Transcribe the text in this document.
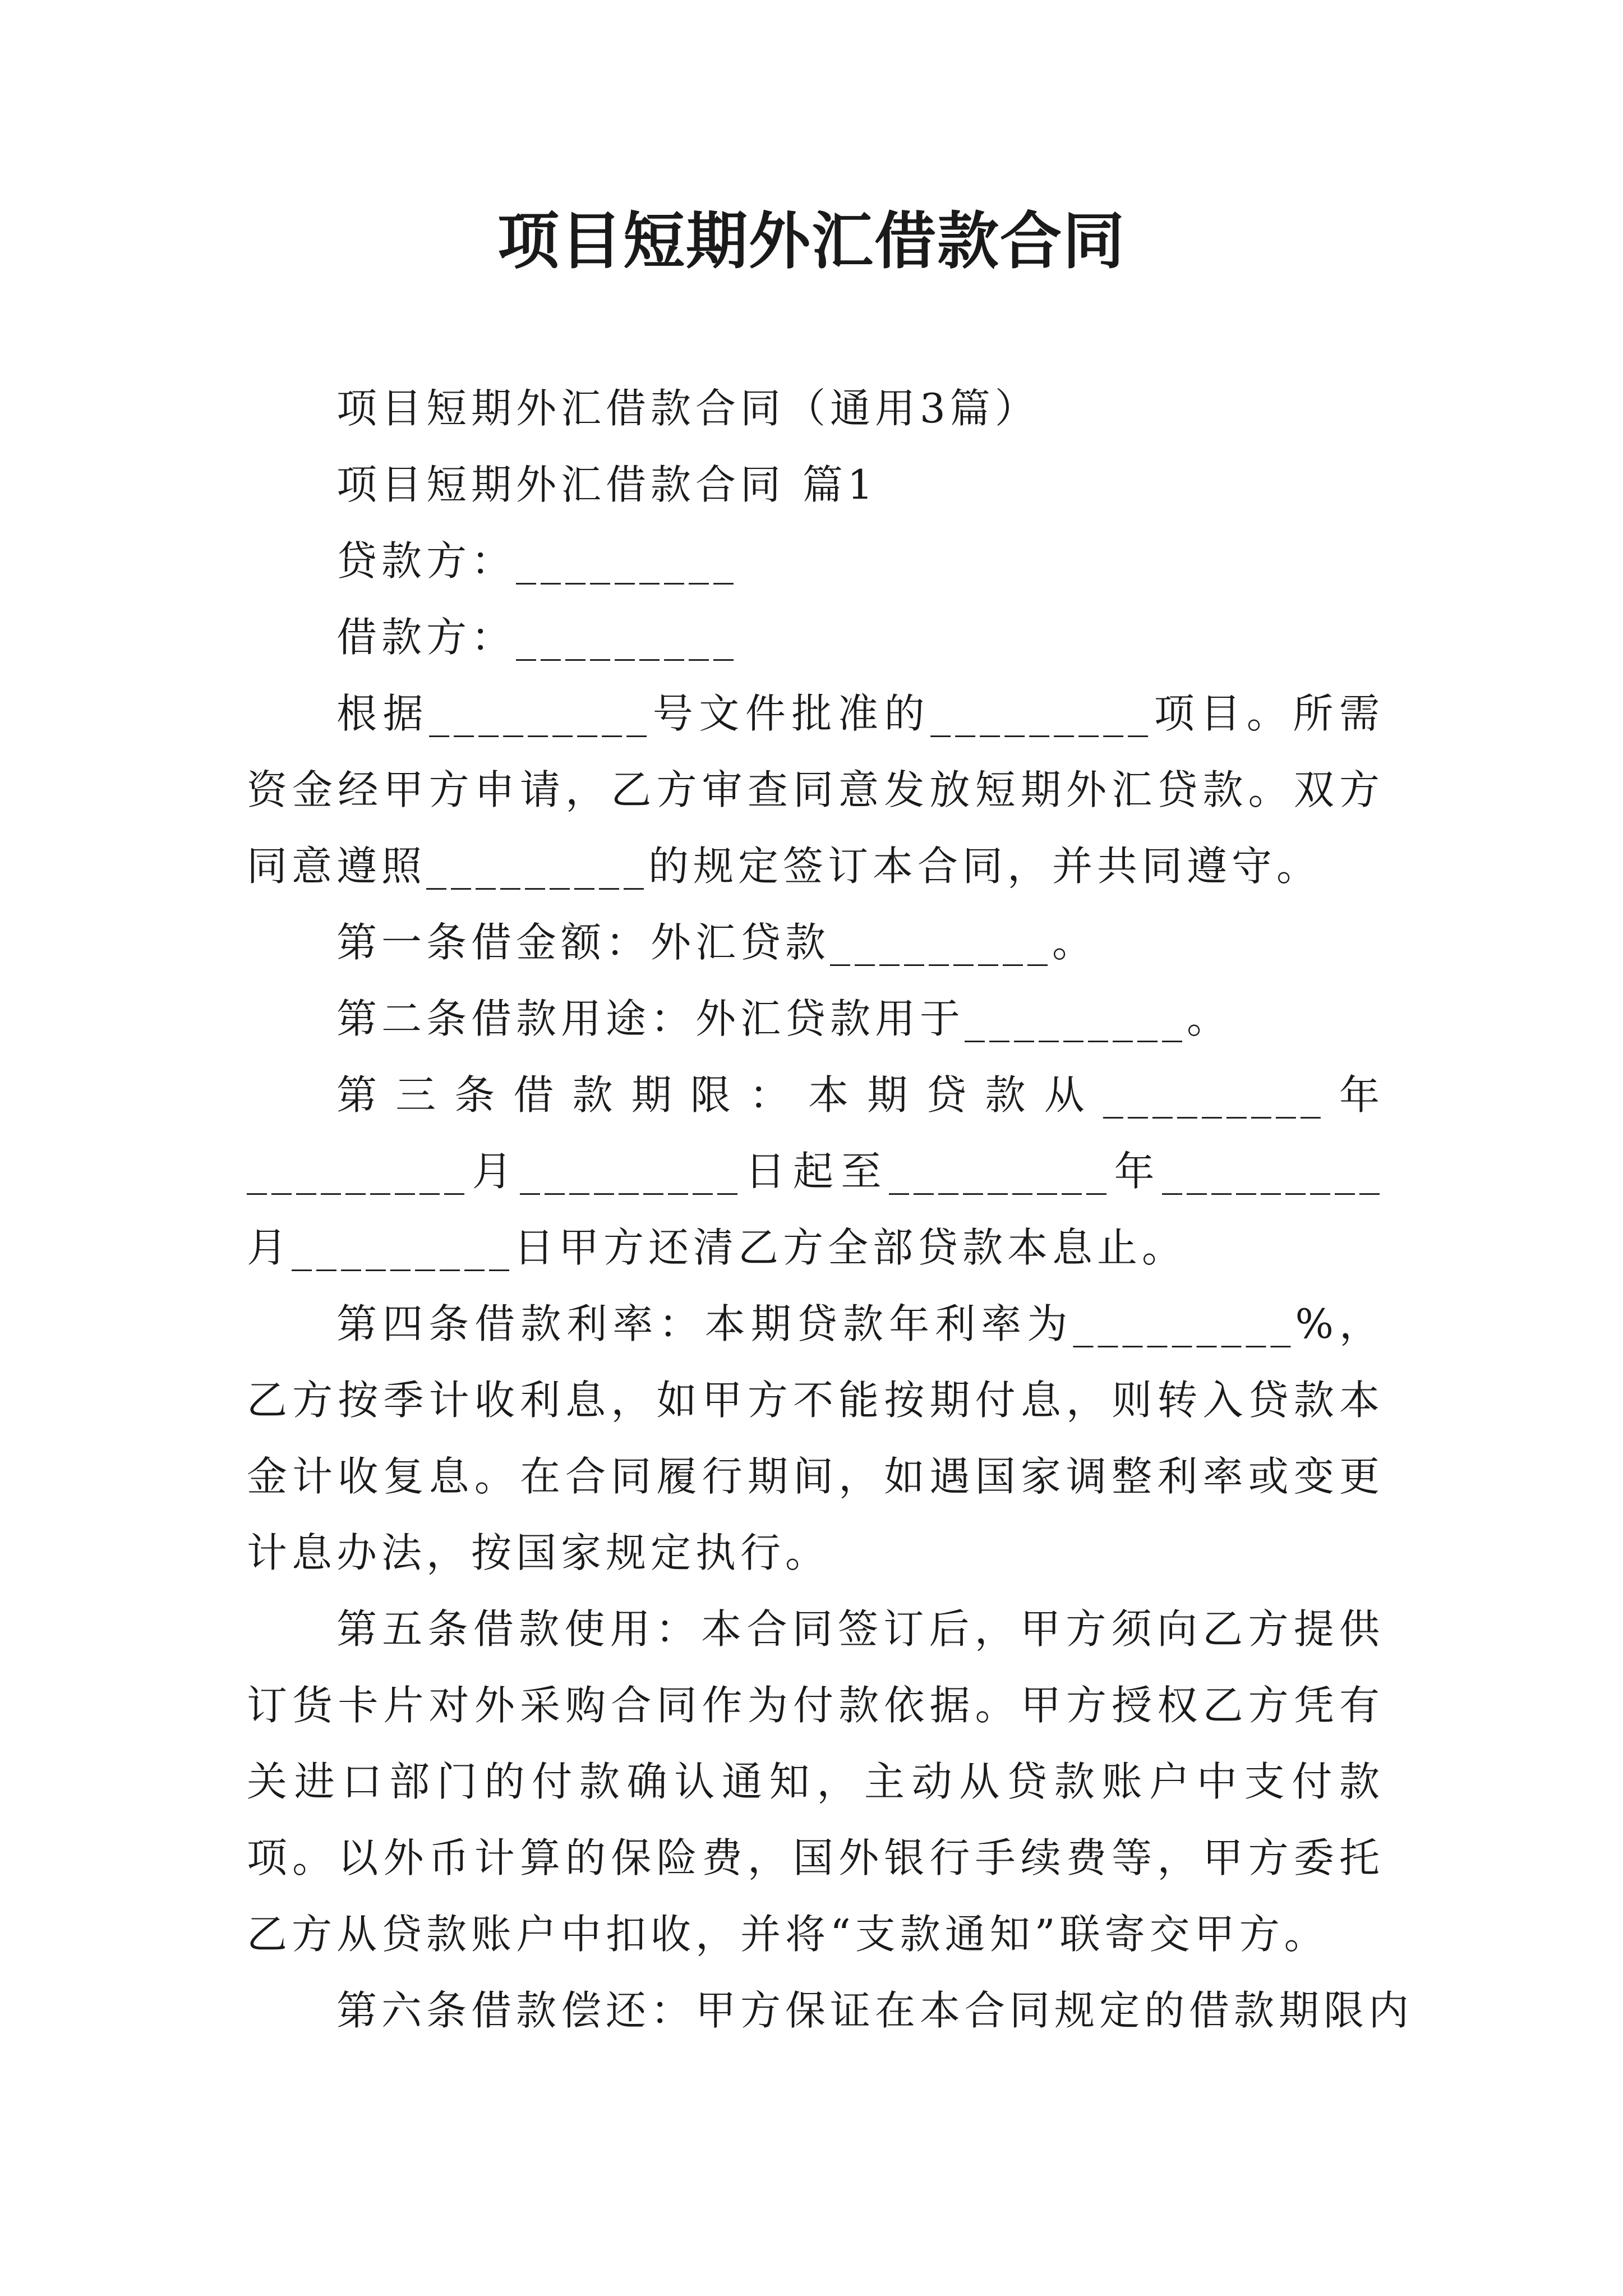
项目短期外汇借款合同

项目短期外汇借款合同（通用3篇）

项目短期外汇借款合同 篇1

贷款方：_________

借款方：_________

根据_________号文件批准的_________项目。所需资金经甲方申请，乙方审查同意发放短期外汇贷款。双方同意遵照_________的规定签订本合同，并共同遵守。

第一条借金额：外汇贷款_________。

第二条借款用途：外汇贷款用于_________。

第三条借款期限：本期贷款从_________年_________月_________日起至_________年_________月_________日甲方还清乙方全部贷款本息止。

第四条借款利率：本期贷款年利率为_________%，乙方按季计收利息，如甲方不能按期付息，则转入贷款本金计收复息。在合同履行期间，如遇国家调整利率或变更计息办法，按国家规定执行。

第五条借款使用：本合同签订后，甲方须向乙方提供订货卡片对外采购合同作为付款依据。甲方授权乙方凭有关进口部门的付款确认通知，主动从贷款账户中支付款项。以外币计算的保险费，国外银行手续费等，甲方委托乙方从贷款账户中扣收，并将“支款通知”联寄交甲方。

第六条借款偿还：甲方保证在本合同规定的借款期限内
